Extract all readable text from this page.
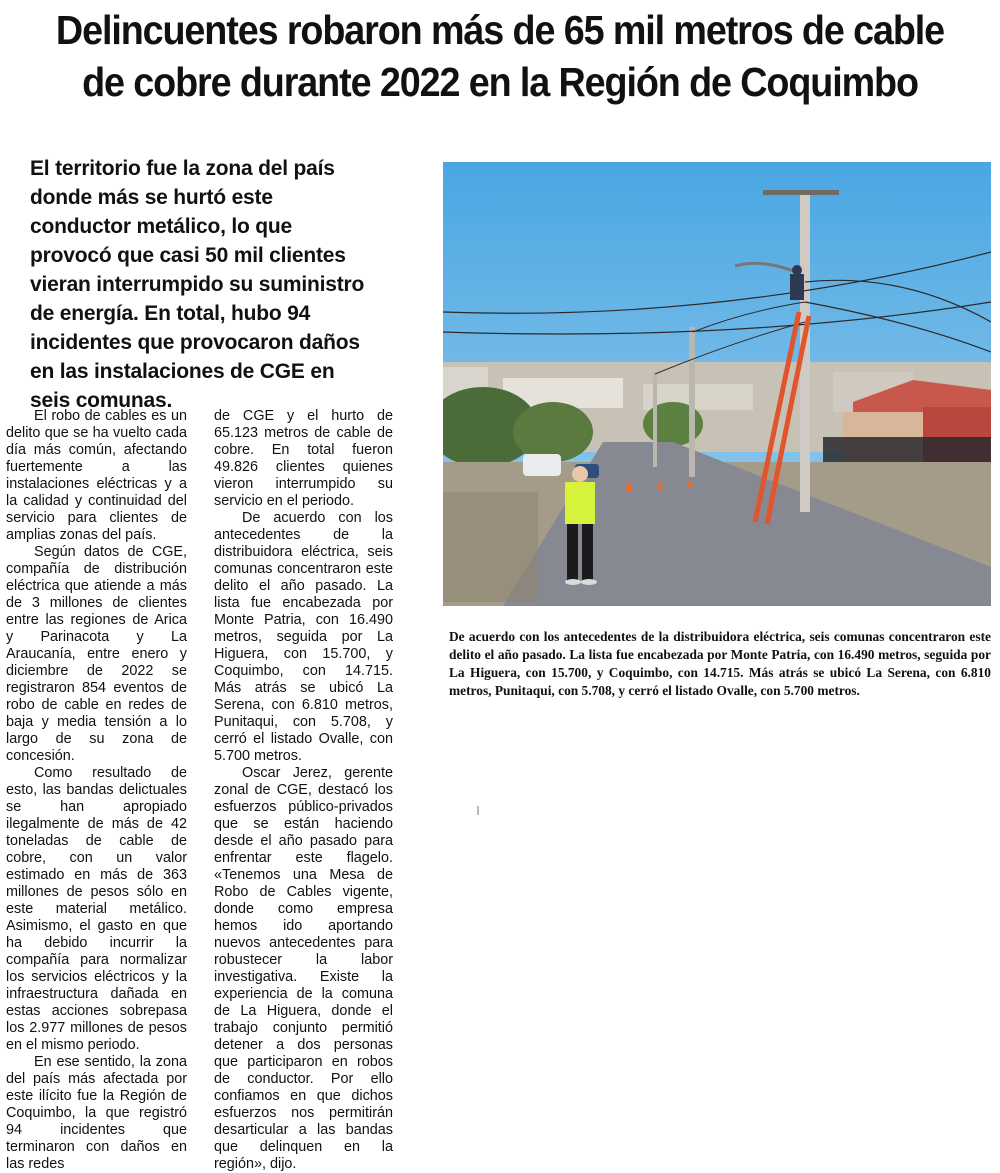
Delincuentes robaron más de 65 mil metros de cable de cobre durante 2022 en la Región de Coquimbo

El territorio fue la zona del país donde más se hurtó este conductor metálico, lo que provocó que casi 50 mil clientes vieran interrumpido su suministro de energía. En total, hubo 94 incidentes que provocaron daños en las instalaciones de CGE en seis comunas.

El robo de cables es un delito que se ha vuelto cada día más común, afectando fuertemente a las instalaciones eléctricas y a la calidad y continuidad del servicio para clientes de amplias zonas del país.

Según datos de CGE, compañía de distribución eléctrica que atiende a más de 3 millones de clientes entre las regiones de Arica y Parinacota y La Araucanía, entre enero y diciembre de 2022 se registraron 854 eventos de robo de cable en redes de baja y media tensión a lo largo de su zona de concesión.

Como resultado de esto, las bandas delictuales se han apropiado ilegalmente de más de 42 toneladas de cable de cobre, con un valor estimado en más de 363 millones de pesos sólo en este material metálico. Asimismo, el gasto en que ha debido incurrir la compañía para normalizar los servicios eléctricos y la infraestructura dañada en estas acciones sobrepasa los 2.977 millones de pesos en el mismo periodo.

En ese sentido, la zona del país más afectada por este ilícito fue la Región de Coquimbo, la que registró 94 incidentes que terminaron con daños en las redes

de CGE y el hurto de 65.123 metros de cable de cobre. En total fueron 49.826 clientes quienes vieron interrumpido su servicio en el periodo.

De acuerdo con los antecedentes de la distribuidora eléctrica, seis comunas concentraron este delito el año pasado. La lista fue encabezada por Monte Patria, con 16.490 metros, seguida por La Higuera, con 15.700, y Coquimbo, con 14.715. Más atrás se ubicó La Serena, con 6.810 metros, Punitaqui, con 5.708, y cerró el listado Ovalle, con 5.700 metros.

Oscar Jerez, gerente zonal de CGE, destacó los esfuerzos público-privados que se están haciendo desde el año pasado para enfrentar este flagelo. «Tenemos una Mesa de Robo de Cables vigente, donde como empresa hemos ido aportando nuevos antecedentes para robustecer la labor investigativa. Existe la experiencia de la comuna de La Higuera, donde el trabajo conjunto permitió detener a dos personas que participaron en robos de conductor. Por ello confiamos en que dichos esfuerzos nos permitirán desarticular a las bandas que delinquen en la región», dijo.

De acuerdo con los antecedentes de la distribuidora eléctrica, seis comunas concentraron este delito el año pasado. La lista fue encabezada por Monte Patria, con 16.490 metros, seguida por La Higuera, con 15.700, y Coquimbo, con 14.715. Más atrás se ubicó La Serena, con 6.810 metros, Punitaqui, con 5.708, y cerró el listado Ovalle, con 5.700 metros.
